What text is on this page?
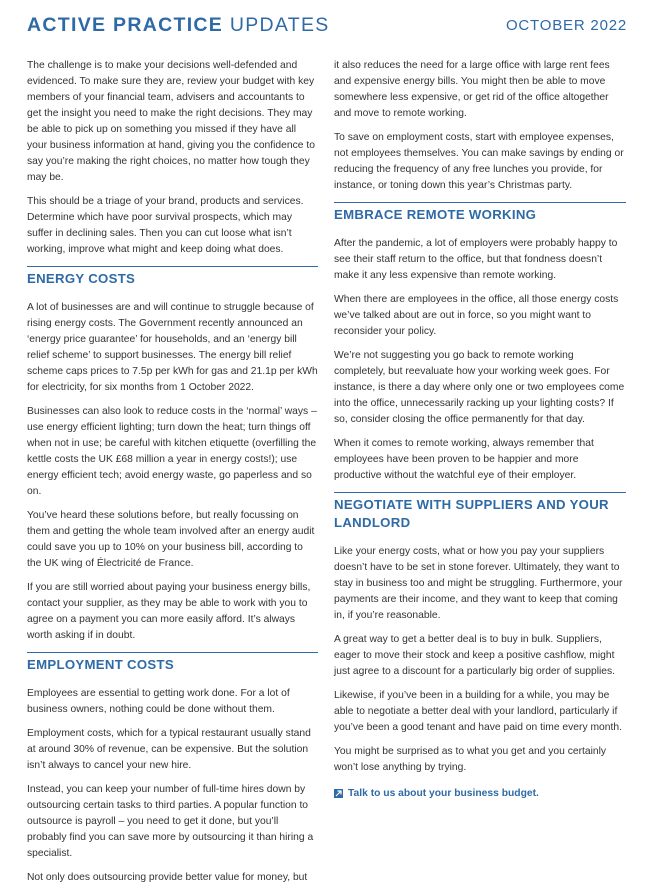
ACTIVE PRACTICE UPDATES	OCTOBER 2022

The challenge is to make your decisions well-defended and evidenced. To make sure they are, review your budget with key members of your financial team, advisers and accountants to get the insight you need to make the right decisions. They may be able to pick up on something you missed if they have all your business information at hand, giving you the confidence to say you’re making the right choices, no matter how tough they may be.

This should be a triage of your brand, products and services. Determine which have poor survival prospects, which may suffer in declining sales. Then you can cut loose what isn’t working, improve what might and keep doing what does.

ENERGY COSTS

A lot of businesses are and will continue to struggle because of rising energy costs. The Government recently announced an ‘energy price guarantee’ for households, and an ‘energy bill relief scheme’ to support businesses. The energy bill relief scheme caps prices to 7.5p per kWh for gas and 21.1p per kWh for electricity, for six months from 1 October 2022.

Businesses can also look to reduce costs in the ‘normal’ ways – use energy efficient lighting; turn down the heat; turn things off when not in use; be careful with kitchen etiquette (overfilling the kettle costs the UK £68 million a year in energy costs!); use energy efficient tech; avoid energy waste, go paperless and so on.

You’ve heard these solutions before, but really focussing on them and getting the whole team involved after an energy audit could save you up to 10% on your business bill, according to the UK wing of Électricité de France.

If you are still worried about paying your business energy bills, contact your supplier, as they may be able to work with you to agree on a payment you can more easily afford. It’s always worth asking if in doubt.

EMPLOYMENT COSTS

Employees are essential to getting work done. For a lot of business owners, nothing could be done without them.

Employment costs, which for a typical restaurant usually stand at around 30% of revenue, can be expensive. But the solution isn’t always to cancel your new hire.

Instead, you can keep your number of full-time hires down by outsourcing certain tasks to third parties. A popular function to outsource is payroll – you need to get it done, but you’ll probably find you can save more by outsourcing it than hiring a specialist.

Not only does outsourcing provide better value for money, but

it also reduces the need for a large office with large rent fees and expensive energy bills. You might then be able to move somewhere less expensive, or get rid of the office altogether and move to remote working.

To save on employment costs, start with employee expenses, not employees themselves. You can make savings by ending or reducing the frequency of any free lunches you provide, for instance, or toning down this year’s Christmas party.

EMBRACE REMOTE WORKING

After the pandemic, a lot of employers were probably happy to see their staff return to the office, but that fondness doesn’t make it any less expensive than remote working.

When there are employees in the office, all those energy costs we’ve talked about are out in force, so you might want to reconsider your policy.

We’re not suggesting you go back to remote working completely, but reevaluate how your working week goes. For instance, is there a day where only one or two employees come into the office, unnecessarily racking up your lighting costs? If so, consider closing the office permanently for that day.

When it comes to remote working, always remember that employees have been proven to be happier and more productive without the watchful eye of their employer.

NEGOTIATE WITH SUPPLIERS AND YOUR LANDLORD

Like your energy costs, what or how you pay your suppliers doesn’t have to be set in stone forever. Ultimately, they want to stay in business too and might be struggling. Furthermore, your payments are their income, and they want to keep that coming in, if you’re reasonable.

A great way to get a better deal is to buy in bulk. Suppliers, eager to move their stock and keep a positive cashflow, might just agree to a discount for a particularly big order of supplies.

Likewise, if you’ve been in a building for a while, you may be able to negotiate a better deal with your landlord, particularly if you’ve been a good tenant and have paid on time every month.

You might be surprised as to what you get and you certainly won’t lose anything by trying.

Talk to us about your business budget.
